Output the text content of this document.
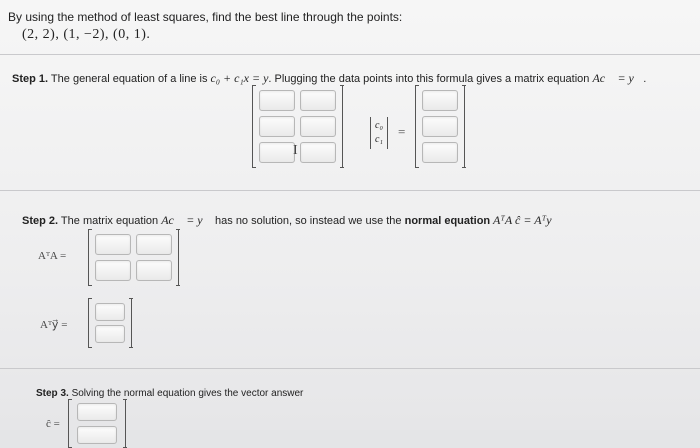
By using the method of least squares, find the best line through the points:
(2, 2), (1, −2), (0, 1).
Step 1. The general equation of a line is c₀ + c₁x = y. Plugging the data points into this formula gives a matrix equation Ac⃗ = y⃗.
I
c₀
c₁
=
Step 2. The matrix equation Ac⃗ = y⃗ has no solution, so instead we use the normal equation AᵀA ĉ = Aᵀy⃗
AᵀA =
Aᵀy⃗ =
Step 3. Solving the normal equation gives the vector answer
ĉ =
